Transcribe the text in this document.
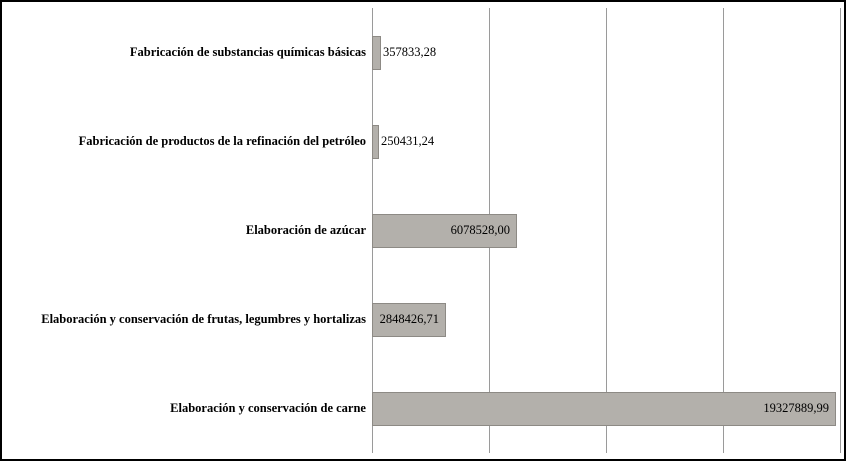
Fabricación de substancias químicas básicas	357833,28
Fabricación de productos de la refinación del petróleo	250431,24
Elaboración de azúcar	6078528,00
Elaboración y conservación de frutas, legumbres y hortalizas	2848426,71
Elaboración y conservación de carne	19327889,99
